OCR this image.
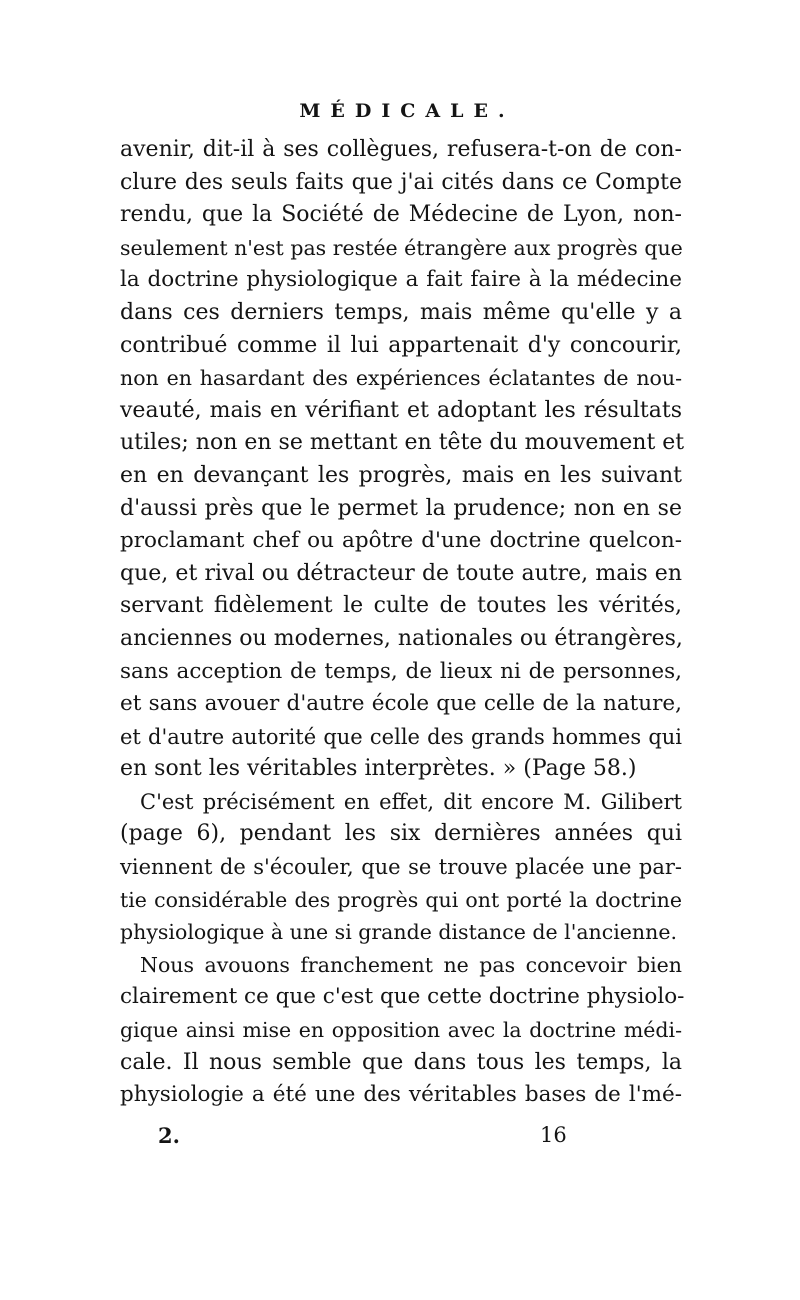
MÉDICALE.
avenir, dit-il à ses collègues, refusera-t-on de con-
clure des seuls faits que j'ai cités dans ce Compte
rendu, que la Société de Médecine de Lyon, non-
seulement n'est pas restée étrangère aux progrès que
la doctrine physiologique a fait faire à la médecine
dans ces derniers temps, mais même qu'elle y a
contribué comme il lui appartenait d'y concourir,
non en hasardant des expériences éclatantes de nou-
veauté, mais en vérifiant et adoptant les résultats
utiles; non en se mettant en tête du mouvement et
en en devançant les progrès, mais en les suivant
d'aussi près que le permet la prudence; non en se
proclamant chef ou apôtre d'une doctrine quelcon-
que, et rival ou détracteur de toute autre, mais en
servant fidèlement le culte de toutes les vérités,
anciennes ou modernes, nationales ou étrangères,
sans acception de temps, de lieux ni de personnes,
et sans avouer d'autre école que celle de la nature,
et d'autre autorité que celle des grands hommes qui
en sont les véritables interprètes. » (Page 58.)
C'est précisément en effet, dit encore M. Gilibert
(page 6), pendant les six dernières années qui
viennent de s'écouler, que se trouve placée une par-
tie considérable des progrès qui ont porté la doctrine
physiologique à une si grande distance de l'ancienne.
Nous avouons franchement ne pas concevoir bien
clairement ce que c'est que cette doctrine physiolo-
gique ainsi mise en opposition avec la doctrine médi-
cale. Il nous semble que dans tous les temps, la
physiologie a été une des véritables bases de l'mé-
2.	16
